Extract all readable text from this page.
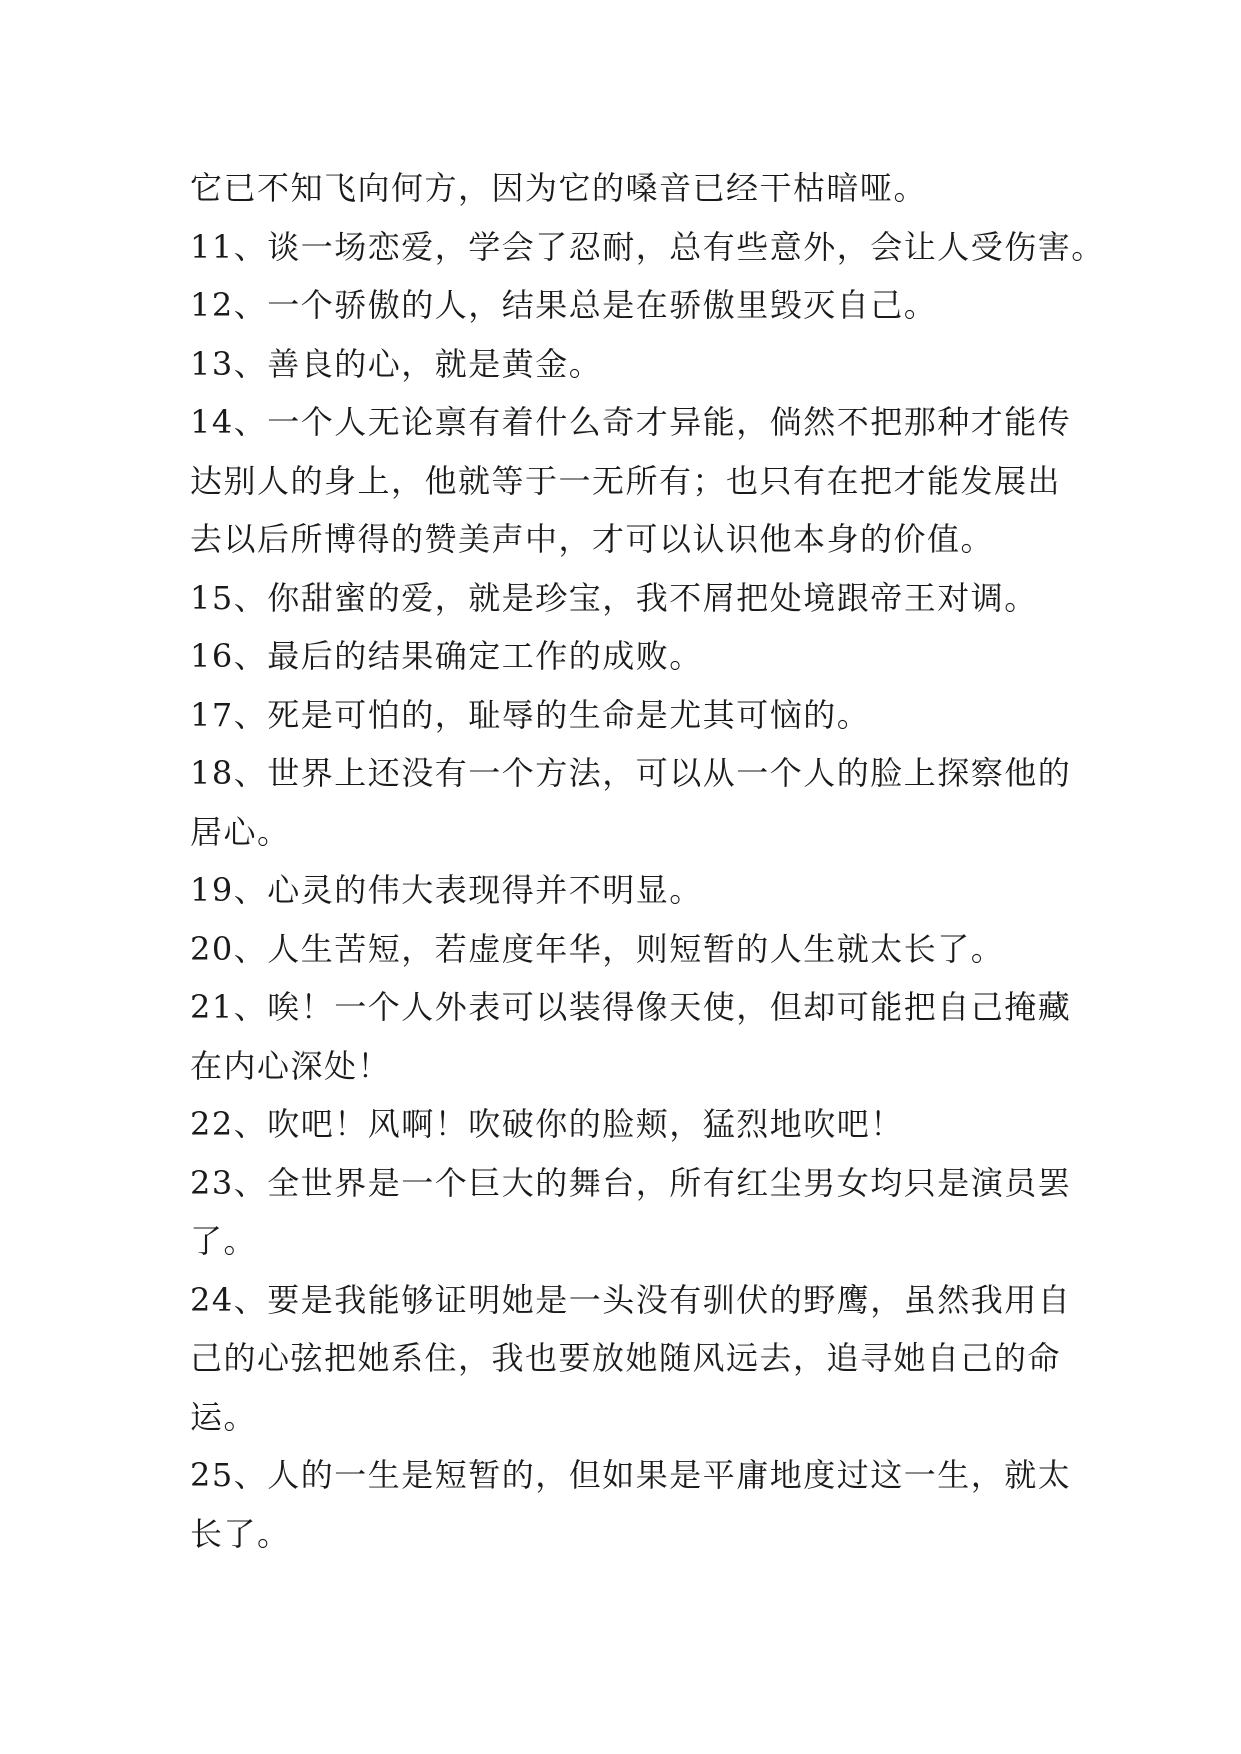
它已不知飞向何方，因为它的嗓音已经干枯暗哑。
11、谈一场恋爱，学会了忍耐，总有些意外，会让人受伤害。
12、一个骄傲的人，结果总是在骄傲里毁灭自己。
13、善良的心，就是黄金。
14、一个人无论禀有着什么奇才异能，倘然不把那种才能传
达别人的身上，他就等于一无所有；也只有在把才能发展出
去以后所博得的赞美声中，才可以认识他本身的价值。
15、你甜蜜的爱，就是珍宝，我不屑把处境跟帝王对调。
16、最后的结果确定工作的成败。
17、死是可怕的，耻辱的生命是尤其可恼的。
18、世界上还没有一个方法，可以从一个人的脸上探察他的
居心。
19、心灵的伟大表现得并不明显。
20、人生苦短，若虚度年华，则短暂的人生就太长了。
21、唉！一个人外表可以装得像天使，但却可能把自己掩藏
在内心深处！
22、吹吧！风啊！吹破你的脸颊，猛烈地吹吧！
23、全世界是一个巨大的舞台，所有红尘男女均只是演员罢
了。
24、要是我能够证明她是一头没有驯伏的野鹰，虽然我用自
己的心弦把她系住，我也要放她随风远去，追寻她自己的命
运。
25、人的一生是短暂的，但如果是平庸地度过这一生，就太
长了。
